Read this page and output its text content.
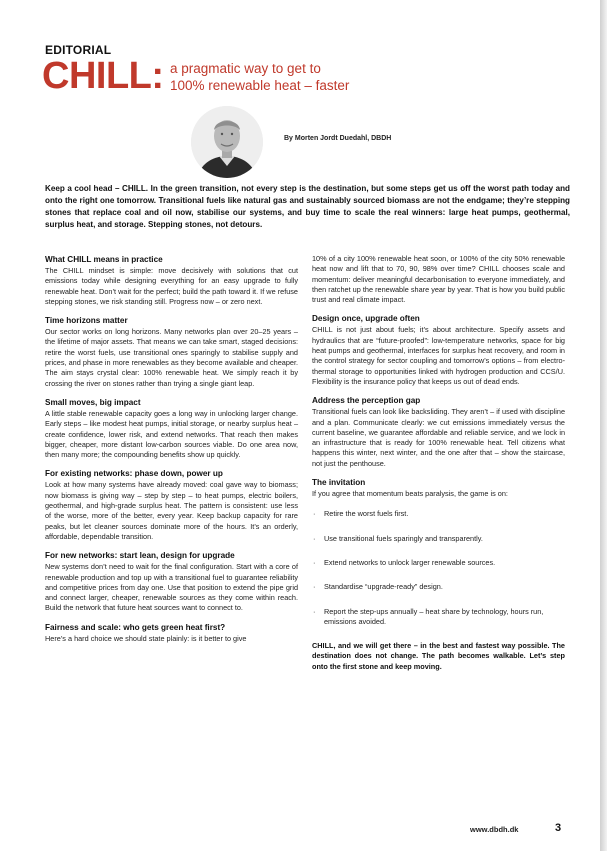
EDITORIAL
CHILL: a pragmatic way to get to
100% renewable heat – faster
By Morten Jordt Duedahl, DBDH
Keep a cool head – CHILL. In the green transition, not every step is the destination, but some steps get us off the worst path today and onto the right one tomorrow. Transitional fuels like natural gas and sustainably sourced biomass are not the endgame; they’re stepping stones that replace coal and oil now, stabilise our systems, and buy time to scale the real winners: large heat pumps, geothermal, surplus heat, and storage. Stepping stones, not detours.
What CHILL means in practice

The CHILL mindset is simple: move decisively with solutions that cut emissions today while designing everything for an easy upgrade to fully renewable heat. Don’t wait for the perfect; build the path toward it. If we refuse stepping stones, we risk standing still. Progress now – or zero next.

Time horizons matter

Our sector works on long horizons. Many networks plan over 20–25 years – the lifetime of major assets. That means we can take smart, staged decisions: retire the worst fuels, use transitional ones sparingly to stabilise supply and prices, and phase in more renewables as they become available and cheaper. The aim stays crystal clear: 100% renewable heat. We simply reach it by crossing the river on stones rather than trying a single giant leap.

Small moves, big impact

A little stable renewable capacity goes a long way in unlocking larger change. Early steps – like modest heat pumps, initial storage, or nearby surplus heat – create confidence, lower risk, and extend networks. That reach then makes bigger, cheaper, more distant low-carbon sources viable. Do one area now, then many more; the compounding benefits show up quickly.

For existing networks: phase down, power up

Look at how many systems have already moved: coal gave way to biomass; now biomass is giving way – step by step – to heat pumps, electric boilers, geothermal, and high-grade surplus heat. The pattern is consistent: use less of the worse, more of the better, every year. Keep backup capacity for rare peaks, but let cleaner sources dominate more of the hours. It’s an orderly, affordable, dependable transition.

For new networks: start lean, design for upgrade

New systems don’t need to wait for the final configuration. Start with a core of renewable production and top up with a transitional fuel to guarantee reliability and competitive prices from day one. Use that position to extend the pipe grid and connect larger, cheaper, renewable sources as they come within reach. Build the network that future heat sources want to connect to.

Fairness and scale: who gets green heat first?

Here’s a hard choice we should state plainly: is it better to give

10% of a city 100% renewable heat soon, or 100% of the city 50% renewable heat now and lift that to 70, 90, 98% over time? CHILL chooses scale and momentum: deliver meaningful decarbonisation to everyone immediately, and then ratchet up the renewable share year by year. That is how you build public trust and real climate impact.

Design once, upgrade often

CHILL is not just about fuels; it’s about architecture. Specify assets and hydraulics that are “future-proofed”: low-temperature networks, space for big heat pumps and geothermal, interfaces for surplus heat recovery, and room in the control strategy for sector coupling and tomorrow’s options – from electro-thermal storage to opportunities linked with hydrogen production and CCS/U. Flexibility is the insurance policy that keeps us out of dead ends.

Address the perception gap

Transitional fuels can look like backsliding. They aren’t – if used with discipline and a plan. Communicate clearly: we cut emissions immediately versus the current baseline, we guarantee affordable and reliable service, and we lock in an infrastructure that is ready for 100% renewable heat. Tell citizens what happens this winter, next winter, and the one after that – show the staircase, not just the penthouse.

The invitation

If you agree that momentum beats paralysis, the game is on:

· Retire the worst fuels first.
· Use transitional fuels sparingly and transparently.
· Extend networks to unlock larger renewable sources.
· Standardise “upgrade-ready” design.
· Report the step-ups annually – heat share by technology, hours run, emissions avoided.

CHILL, and we will get there – in the best and fastest way possible. The destination does not change. The path becomes walkable. Let’s step onto the first stone and keep moving.

www.dbdh.dk	3
